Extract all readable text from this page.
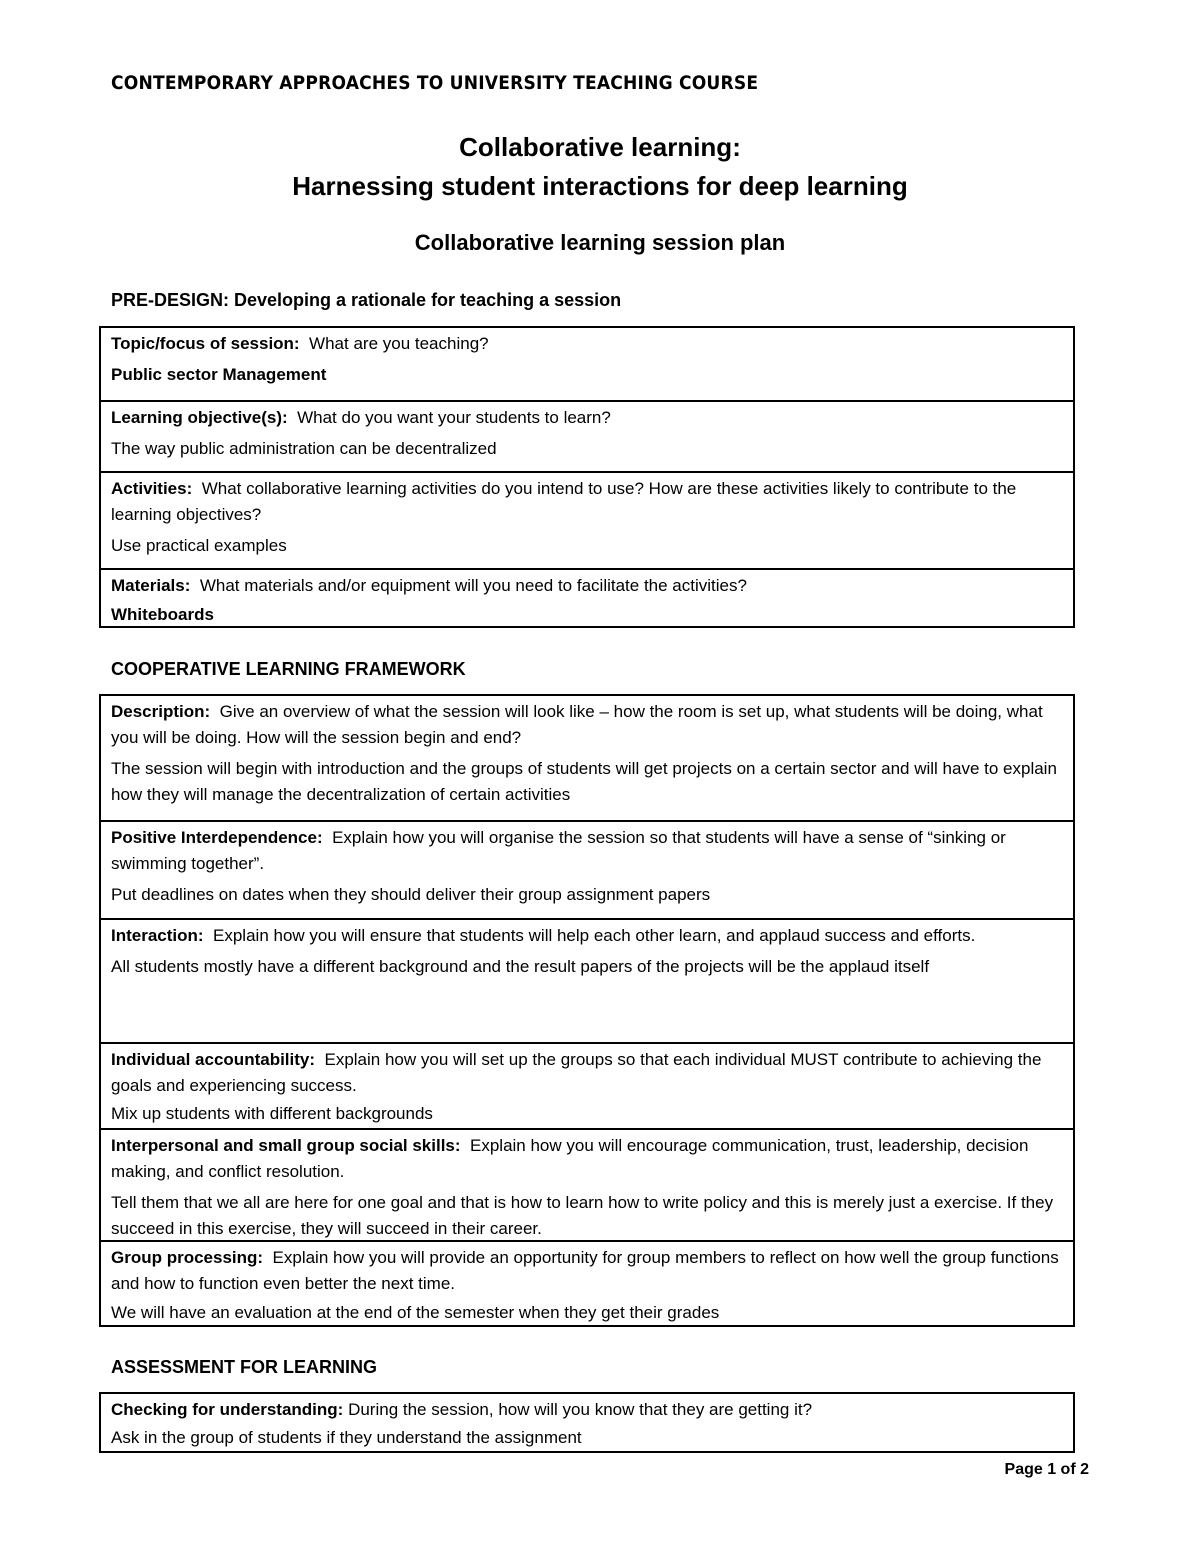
CONTEMPORARY APPROACHES TO UNIVERSITY TEACHING COURSE
Collaborative learning:
Harnessing student interactions for deep learning
Collaborative learning session plan
PRE-DESIGN: Developing a rationale for teaching a session

Topic/focus of session: What are you teaching?

Public sector Management

Learning objective(s): What do you want your students to learn?

The way public administration can be decentralized

Activities: What collaborative learning activities do you intend to use? How are these activities likely to contribute to the learning objectives?

Use practical examples

Materials: What materials and/or equipment will you need to facilitate the activities?

Whiteboards

COOPERATIVE LEARNING FRAMEWORK

Description: Give an overview of what the session will look like – how the room is set up, what students will be doing, what you will be doing. How will the session begin and end?

The session will begin with introduction and the groups of students will get projects on a certain sector and will have to explain how they will manage the decentralization of certain activities

Positive Interdependence: Explain how you will organise the session so that students will have a sense of “sinking or swimming together”.

Put deadlines on dates when they should deliver their group assignment papers

Interaction: Explain how you will ensure that students will help each other learn, and applaud success and efforts.

All students mostly have a different background and the result papers of the projects will be the applaud itself

Individual accountability: Explain how you will set up the groups so that each individual MUST contribute to achieving the goals and experiencing success.

Mix up students with different backgrounds

Interpersonal and small group social skills: Explain how you will encourage communication, trust, leadership, decision making, and conflict resolution.

Tell them that we all are here for one goal and that is how to learn how to write policy and this is merely just a exercise. If they succeed in this exercise, they will succeed in their career.

Group processing: Explain how you will provide an opportunity for group members to reflect on how well the group functions and how to function even better the next time.

We will have an evaluation at the end of the semester when they get their grades

ASSESSMENT FOR LEARNING

Checking for understanding: During the session, how will you know that they are getting it?

Ask in the group of students if they understand the assignment

Page 1 of 2
